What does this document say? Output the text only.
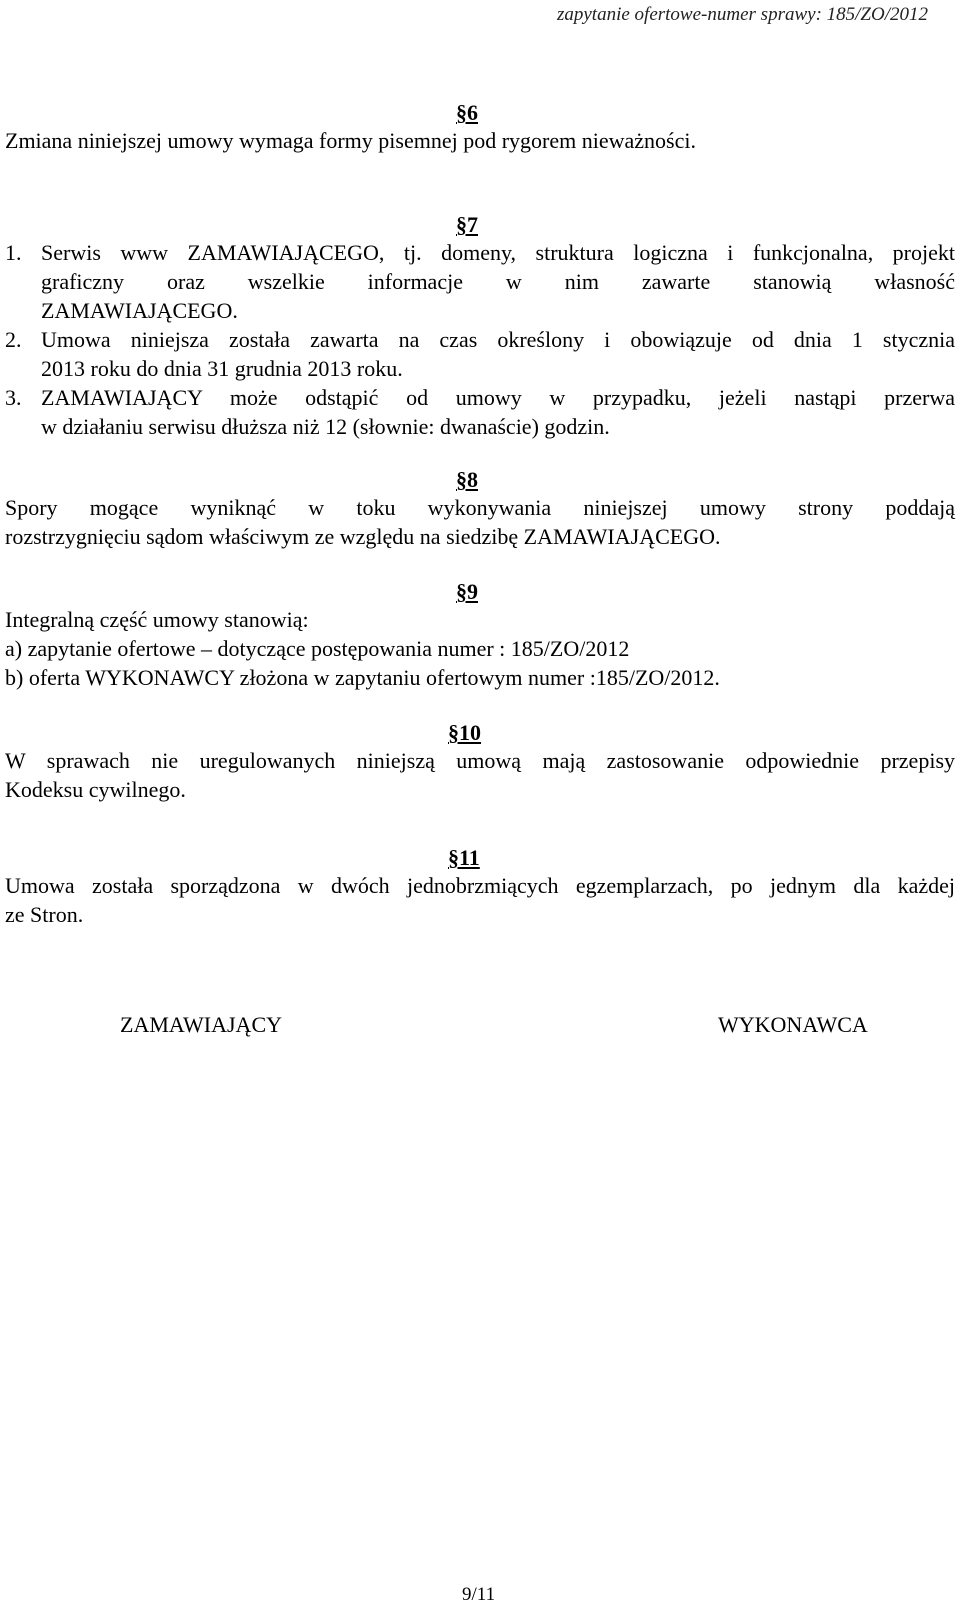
zapytanie ofertowe-numer sprawy: 185/ZO/2012
§6
Zmiana niniejszej umowy wymaga formy pisemnej pod rygorem nieważności.
§7
1. Serwis www ZAMAWIAJĄCEGO, tj. domeny, struktura logiczna i funkcjonalna, projekt
graficzny oraz wszelkie informacje w nim zawarte stanowią własność
ZAMAWIAJĄCEGO.
2. Umowa niniejsza została zawarta na czas określony i obowiązuje od dnia 1 stycznia
2013 roku do dnia 31 grudnia 2013 roku.
3. ZAMAWIAJĄCY może odstąpić od umowy w przypadku, jeżeli nastąpi przerwa
w działaniu serwisu dłuższa niż 12 (słownie: dwanaście) godzin.
§8
Spory mogące wyniknąć w toku wykonywania niniejszej umowy strony poddają
rozstrzygnięciu sądom właściwym ze względu na siedzibę ZAMAWIAJĄCEGO.
§9
Integralną część umowy stanowią:
a) zapytanie ofertowe – dotyczące postępowania numer : 185/ZO/2012
b) oferta WYKONAWCY złożona w zapytaniu ofertowym numer :185/ZO/2012.
§10
W sprawach nie uregulowanych niniejszą umową mają zastosowanie odpowiednie przepisy
Kodeksu cywilnego.
§11
Umowa została sporządzona w dwóch jednobrzmiących egzemplarzach, po jednym dla każdej
ze Stron.
ZAMAWIAJĄCY	WYKONAWCA
9/11
